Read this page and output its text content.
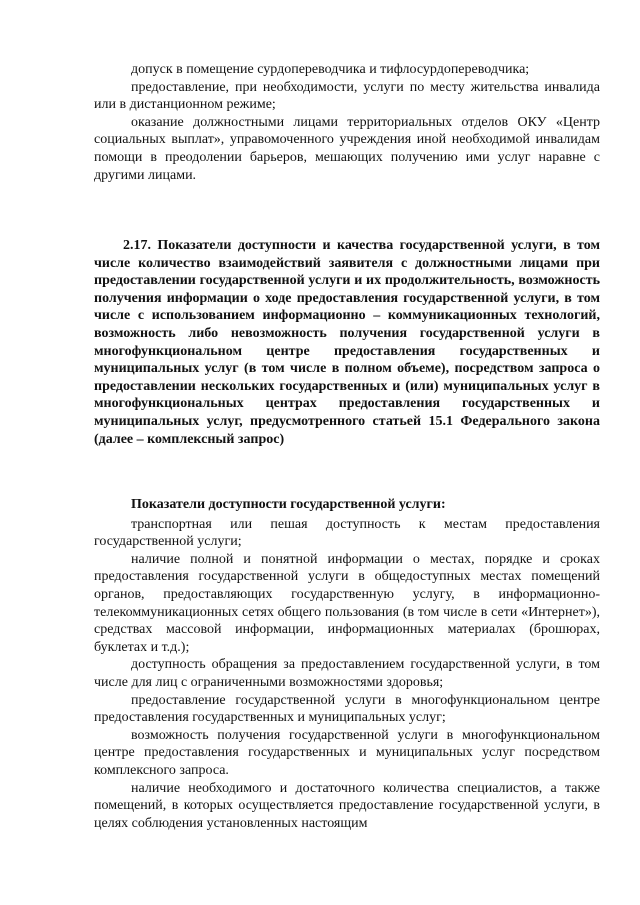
допуск в помещение сурдопереводчика и тифлосурдопереводчика;

предоставление, при необходимости, услуги по месту жительства инвалида или в дистанционном режиме;

оказание должностными лицами территориальных отделов ОКУ «Центр социальных выплат», управомоченного учреждения иной необходимой инвалидам помощи в преодолении барьеров, мешающих получению ими услуг наравне с другими лицами.

2.17. Показатели доступности и качества государственной услуги, в том числе количество взаимодействий заявителя с должностными лицами при предоставлении государственной услуги и их продолжительность, возможность получения информации о ходе предоставления государственной услуги, в том числе с использованием информационно – коммуникационных технологий, возможность либо невозможность получения государственной услуги в многофункциональном центре предоставления государственных и муниципальных услуг (в том числе в полном объеме), посредством запроса о предоставлении нескольких государственных и (или) муниципальных услуг в многофункциональных центрах предоставления государственных и муниципальных услуг, предусмотренного статьей 15.1 Федерального закона (далее – комплексный запрос)

Показатели доступности государственной услуги:

транспортная или пешая доступность к местам предоставления государственной услуги;

наличие полной и понятной информации о местах, порядке и сроках предоставления государственной услуги в общедоступных местах помещений органов, предоставляющих государственную услугу, в информационно-телекоммуникационных сетях общего пользования (в том числе в сети «Интернет»), средствах массовой информации, информационных материалах (брошюрах, буклетах и т.д.);

доступность обращения за предоставлением государственной услуги, в том числе для лиц с ограниченными возможностями здоровья;

предоставление государственной услуги в многофункциональном центре предоставления государственных и муниципальных услуг;

возможность получения государственной услуги в многофункциональном центре предоставления государственных и муниципальных услуг посредством комплексного запроса.

наличие необходимого и достаточного количества специалистов, а также помещений, в которых осуществляется предоставление государственной услуги, в целях соблюдения установленных настоящим
